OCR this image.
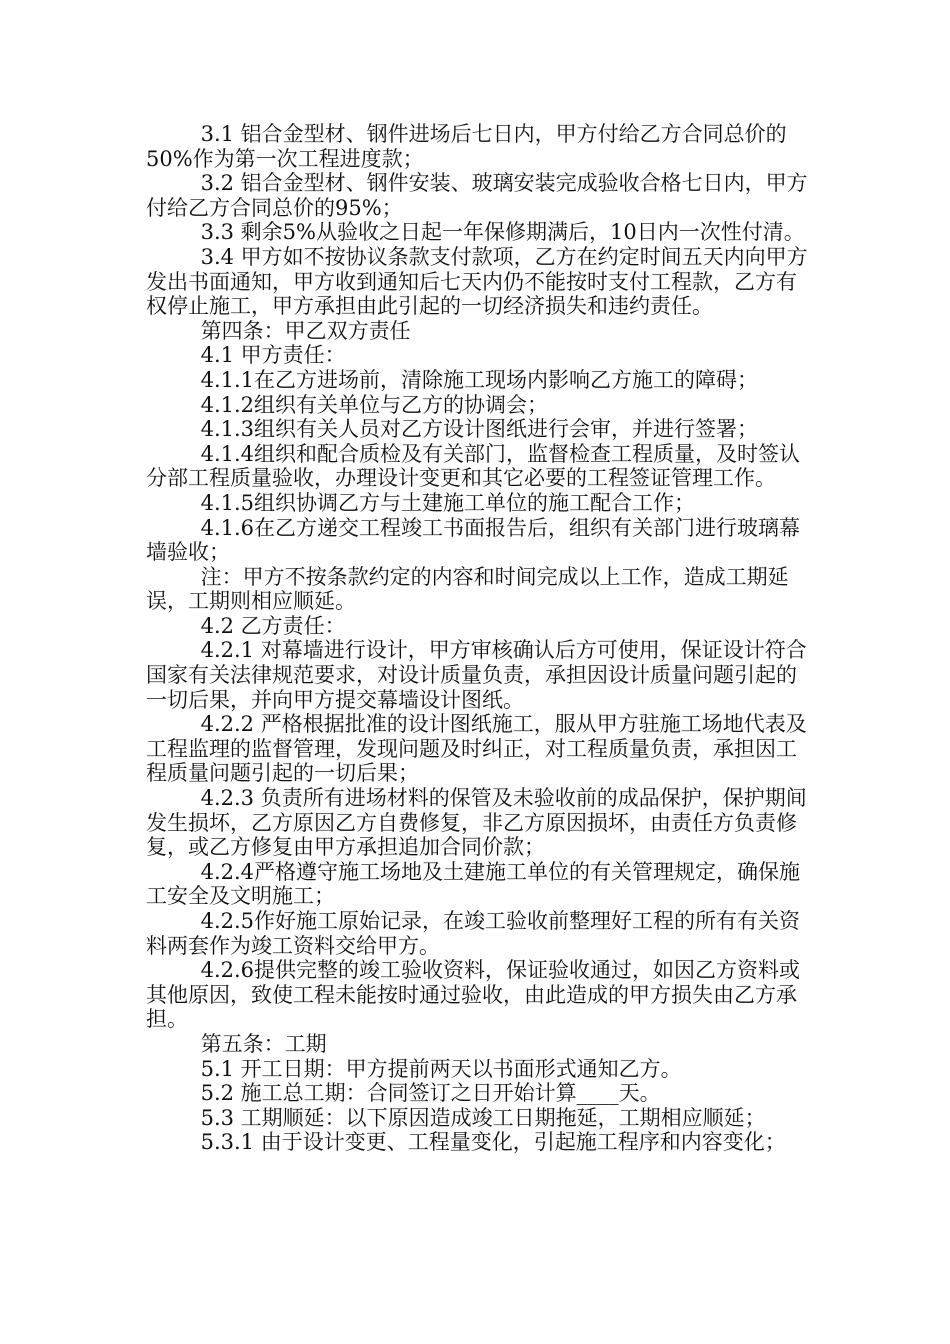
3.1 铝合金型材、钢件进场后七日内，甲方付给乙方合同总价的50%作为第一次工程进度款；

3.2 铝合金型材、钢件安装、玻璃安装完成验收合格七日内，甲方付给乙方合同总价的95%；

3.3 剩余5%从验收之日起一年保修期满后，10日内一次性付清。

3.4 甲方如不按协议条款支付款项，乙方在约定时间五天内向甲方发出书面通知，甲方收到通知后七天内仍不能按时支付工程款，乙方有权停止施工，甲方承担由此引起的一切经济损失和违约责任。

第四条：甲乙双方责任

4.1 甲方责任：

4.1.1在乙方进场前，清除施工现场内影响乙方施工的障碍；

4.1.2组织有关单位与乙方的协调会；

4.1.3组织有关人员对乙方设计图纸进行会审，并进行签署；

4.1.4组织和配合质检及有关部门，监督检查工程质量，及时签认分部工程质量验收，办理设计变更和其它必要的工程签证管理工作。

4.1.5组织协调乙方与土建施工单位的施工配合工作；

4.1.6在乙方递交工程竣工书面报告后，组织有关部门进行玻璃幕墙验收；

注：甲方不按条款约定的内容和时间完成以上工作，造成工期延误，工期则相应顺延。

4.2 乙方责任：

4.2.1 对幕墙进行设计，甲方审核确认后方可使用，保证设计符合国家有关法律规范要求，对设计质量负责，承担因设计质量问题引起的一切后果，并向甲方提交幕墙设计图纸。

4.2.2 严格根据批准的设计图纸施工，服从甲方驻施工场地代表及工程监理的监督管理，发现问题及时纠正，对工程质量负责，承担因工程质量问题引起的一切后果；

4.2.3 负责所有进场材料的保管及未验收前的成品保护，保护期间发生损坏，乙方原因乙方自费修复，非乙方原因损坏，由责任方负责修复，或乙方修复由甲方承担追加合同价款；

4.2.4严格遵守施工场地及土建施工单位的有关管理规定，确保施工安全及文明施工；

4.2.5作好施工原始记录，在竣工验收前整理好工程的所有有关资料两套作为竣工资料交给甲方。

4.2.6提供完整的竣工验收资料，保证验收通过，如因乙方资料或其他原因，致使工程未能按时通过验收，由此造成的甲方损失由乙方承担。

第五条：工期

5.1 开工日期：甲方提前两天以书面形式通知乙方。

5.2 施工总工期：合同签订之日开始计算____天。

5.3 工期顺延：以下原因造成竣工日期拖延，工期相应顺延；

5.3.1 由于设计变更、工程量变化，引起施工程序和内容变化；
